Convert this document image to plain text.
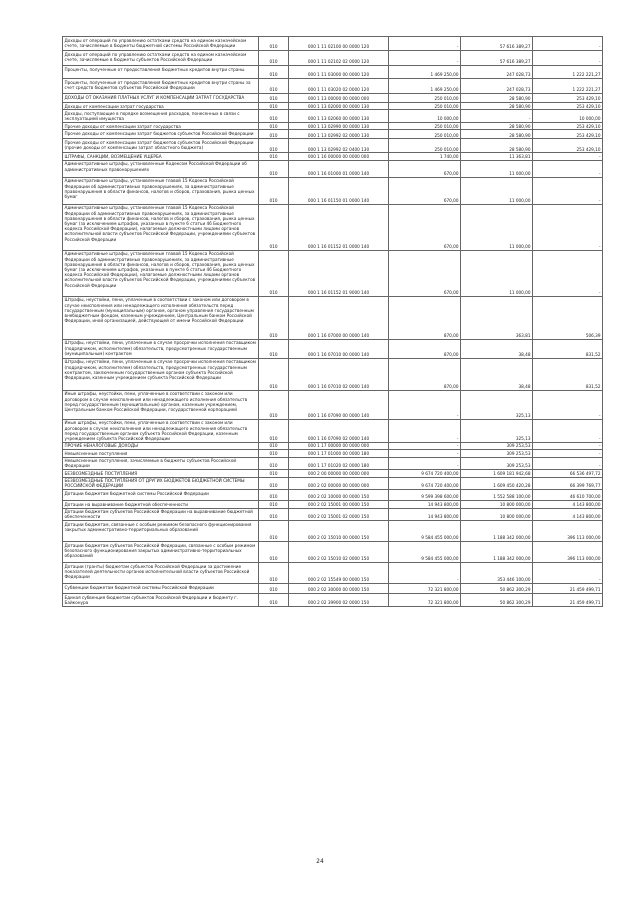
Доходы от операций по управлению остатками средств на едином казначейском счете, зачисляемые в бюджеты бюджетной системы Российской Федерации	010	000 1 11 02100 00 0000 120	-	57 616 389,27	-
Доходы от операций по управлению остатками средств на едином казначейском счете, зачисляемые в бюджеты субъектов Российской Федерации	010	000 1 11 02102 02 0000 120	-	57 616 389,27	-
Проценты, полученные от предоставления бюджетных кредитов внутри страны	010	000 1 11 03000 00 0000 120	1 469 250,00	247 028,73	1 222 221,27
Проценты, полученные от предоставления бюджетных кредитов внутри страны за счет средств бюджетов субъектов Российской Федерации	010	000 1 11 03020 02 0000 120	1 469 250,00	247 028,73	1 222 221,27
ДОХОДЫ ОТ ОКАЗАНИЯ ПЛАТНЫХ УСЛУГ И КОМПЕНСАЦИИ ЗАТРАТ ГОСУДАРСТВА	010	000 1 13 00000 00 0000 000	250 010,00	28 580,90	253 429,10
Доходы от компенсации затрат государства	010	000 1 13 02000 00 0000 130	250 010,00	28 580,90	253 429,10
Доходы, поступающие в порядке возмещения расходов, понесенных в связи с эксплуатацией имущества	010	000 1 13 02060 00 0000 130	10 000,00	-	10 000,00
Прочие доходы от компенсации затрат государства	010	000 1 13 02990 00 0000 130	250 010,00	28 580,90	253 429,10
Прочие доходы от компенсации затрат бюджетов субъектов Российской Федерации	010	000 1 13 02992 02 0000 130	250 010,00	28 580,90	253 429,10
Прочие доходы от компенсации затрат бюджетов субъектов Российской Федерации (прочие доходы от компенсации затрат областного бюджета)	010	000 1 13 02992 02 0400 130	250 010,00	28 580,90	253 429,10
ШТРАФЫ, САНКЦИИ, ВОЗМЕЩЕНИЕ УЩЕРБА	010	000 1 16 00000 00 0000 000	1 740,00	11 363,81	-
Административные штрафы, установленные Кодексом Российской Федерации об административных правонарушениях	010	000 1 16 01000 01 0000 140	670,00	11 000,00	-
Административные штрафы, установленные главой 15 Кодекса Российской Федерации об административных правонарушениях, за административные правонарушения в области финансов, налогов и сборов, страхования, рынка ценных бумаг	010	000 1 16 01150 01 0000 140	670,00	11 000,00	-
Административные штрафы, установленные главой 15 Кодекса Российской Федерации об административных правонарушениях, за административные правонарушения в области финансов, налогов и сборов, страхования, рынка ценных бумаг (за исключением штрафов, указанных в пункте 6 статьи 46 Бюджетного кодекса Российской Федерации), налагаемые должностными лицами органов исполнительной власти субъектов Российской Федерации, учреждениями субъектов Российской Федерации	010	000 1 16 01152 01 0000 140	670,00	11 000,00	-
Административные штрафы, установленные главой 15 Кодекса Российской Федерации об административных правонарушениях, за административные правонарушения в области финансов, налогов и сборов, страхования, рынка ценных бумаг (за исключением штрафов, указанных в пункте 6 статьи 46 Бюджетного кодекса Российской Федерации), налагаемые должностными лицами органов исполнительной власти субъектов Российской Федерации, учреждениями субъектов Российской Федерации	010	000 1 16 01152 01 9000 140	670,00	11 000,00	-
Штрафы, неустойки, пени, уплаченные в соответствии с законом или договором в случае неисполнения или ненадлежащего исполнения обязательств перед государственным (муниципальным) органом, органом управления государственным внебюджетным фондом, казенным учреждением, Центральным банком Российской Федерации, иной организацией, действующей от имени Российской Федерации	010	000 1 16 07000 00 0000 140	870,00	363,81	506,39
Штрафы, неустойки, пени, уплаченные в случае просрочки исполнения поставщиком (подрядчиком, исполнителем) обязательств, предусмотренных государственным (муниципальным) контрактом	010	000 1 16 07010 00 0000 140	870,00	38,48	831,52
Штрафы, неустойки, пени, уплаченные в случае просрочки исполнения поставщиком (подрядчиком, исполнителем) обязательств, предусмотренных государственным контрактом, заключенным государственным органом субъекта Российской Федерации, казенным учреждением субъекта Российской Федерации	010	000 1 16 07010 02 0000 140	870,00	38,48	831,52
Иные штрафы, неустойки, пени, уплаченные в соответствии с законом или договором в случае неисполнения или ненадлежащего исполнения обязательств перед государственным (муниципальным) органом, казенным учреждением, Центральным банком Российской Федерации, государственной корпорацией	010	000 1 16 07090 00 0000 140	-	325,13	-
Иные штрафы, неустойки, пени, уплаченные в соответствии с законом или договором в случае неисполнения или ненадлежащего исполнения обязательств перед государственным органом субъекта Российской Федерации, казенным учреждением субъекта Российской Федерации	010	000 1 16 07090 02 0000 140	-	325,13	-
ПРОЧИЕ НЕНАЛОГОВЫЕ ДОХОДЫ	010	000 1 17 00000 00 0000 000	-	309 253,53	-
Невыясненные поступления	010	000 1 17 01000 00 0000 180	-	309 253,53	-
Невыясненные поступления, зачисляемые в бюджеты субъектов Российской Федерации	010	000 1 17 01020 02 0000 180	-	309 253,53	-
БЕЗВОЗМЕЗДНЫЕ ПОСТУПЛЕНИЯ	010	000 2 00 00000 00 0000 000	9 674 720 400,00	1 609 181 942,68	66 536 497,72
БЕЗВОЗМЕЗДНЫЕ ПОСТУПЛЕНИЯ ОТ ДРУГИХ БЮДЖЕТОВ БЮДЖЕТНОЙ СИСТЕМЫ РОССИЙСКОЙ ФЕДЕРАЦИИ	010	000 2 02 00000 00 0000 000	9 674 720 400,00	1 609 450 420,28	66 399 769,77
Дотации бюджетам бюджетной системы Российской Федерации	010	000 2 02 10000 00 0000 150	9 599 398 600,00	1 552 588 100,00	46 610 700,00
Дотации на выравнивание бюджетной обеспеченности	010	000 2 02 15001 00 0000 150	14 943 800,00	10 800 000,00	4 143 800,00
Дотации бюджетам субъектов Российской Федерации на выравнивание бюджетной обеспеченности	010	000 2 02 15001 02 0000 150	14 943 800,00	10 800 000,00	4 143 800,00
Дотации бюджетам, связанные с особым режимом безопасного функционирования закрытых административно-территориальных образований	010	000 2 02 15010 00 0000 150	9 584 455 000,00	1 188 342 000,00	396 113 000,00
Дотации бюджетам субъектов Российской Федерации, связанные с особым режимом безопасного функционирования закрытых административно-территориальных образований	010	000 2 02 15010 02 0000 150	9 584 455 000,00	1 188 342 000,00	396 113 000,00
Дотации (гранты) бюджетам субъектов Российской Федерации за достижение показателей деятельности органов исполнительной власти субъектов Российской Федерации	010	000 2 02 15549 00 0000 150	-	353 446 100,00	-
Субвенции бюджетам бюджетной системы Российской Федерации	010	000 2 02 30000 00 0000 150	72 321 800,00	50 862 300,29	21 459 499,71
Единая субвенция бюджетам субъектов Российской Федерации и бюджету г. Байконура	010	000 2 02 39900 02 0000 150	72 321 800,00	50 862 300,29	21 459 499,71
24
